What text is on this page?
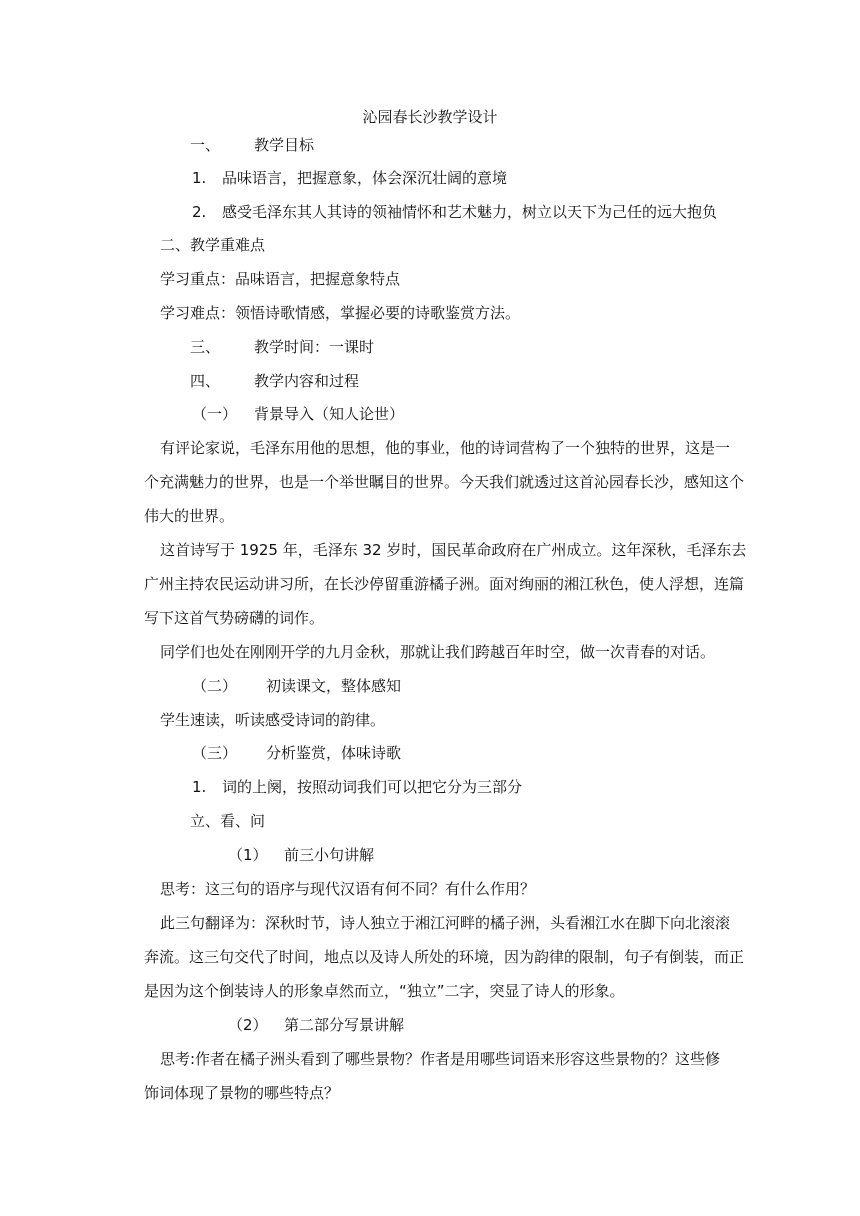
沁园春长沙教学设计
一、 教学目标
1. 品味语言，把握意象，体会深沉壮阔的意境
2. 感受毛泽东其人其诗的领袖情怀和艺术魅力，树立以天下为己任的远大抱负
二、教学重难点
学习重点：品味语言，把握意象特点
学习难点：领悟诗歌情感，掌握必要的诗歌鉴赏方法。
三、 教学时间：一课时
四、 教学内容和过程
（一） 背景导入（知人论世）
有评论家说，毛泽东用他的思想，他的事业，他的诗词营构了一个独特的世界，这是一
个充满魅力的世界，也是一个举世瞩目的世界。今天我们就透过这首沁园春长沙，感知这个
伟大的世界。
这首诗写于 1925 年，毛泽东 32 岁时，国民革命政府在广州成立。这年深秋，毛泽东去
广州主持农民运动讲习所，在长沙停留重游橘子洲。面对绚丽的湘江秋色，使人浮想，连篇
写下这首气势磅礴的词作。
同学们也处在刚刚开学的九月金秋，那就让我们跨越百年时空，做一次青春的对话。
（二） 初读课文，整体感知
学生速读，听读感受诗词的韵律。
（三） 分析鉴赏，体味诗歌
1. 词的上阕，按照动词我们可以把它分为三部分
立、看、问
（1） 前三小句讲解
思考：这三句的语序与现代汉语有何不同？有什么作用？
此三句翻译为：深秋时节，诗人独立于湘江河畔的橘子洲，头看湘江水在脚下向北滚滚
奔流。这三句交代了时间，地点以及诗人所处的环境，因为韵律的限制，句子有倒装，而正
是因为这个倒装诗人的形象卓然而立，“独立”二字，突显了诗人的形象。
（2） 第二部分写景讲解
思考:作者在橘子洲头看到了哪些景物？作者是用哪些词语来形容这些景物的？这些修
饰词体现了景物的哪些特点？
